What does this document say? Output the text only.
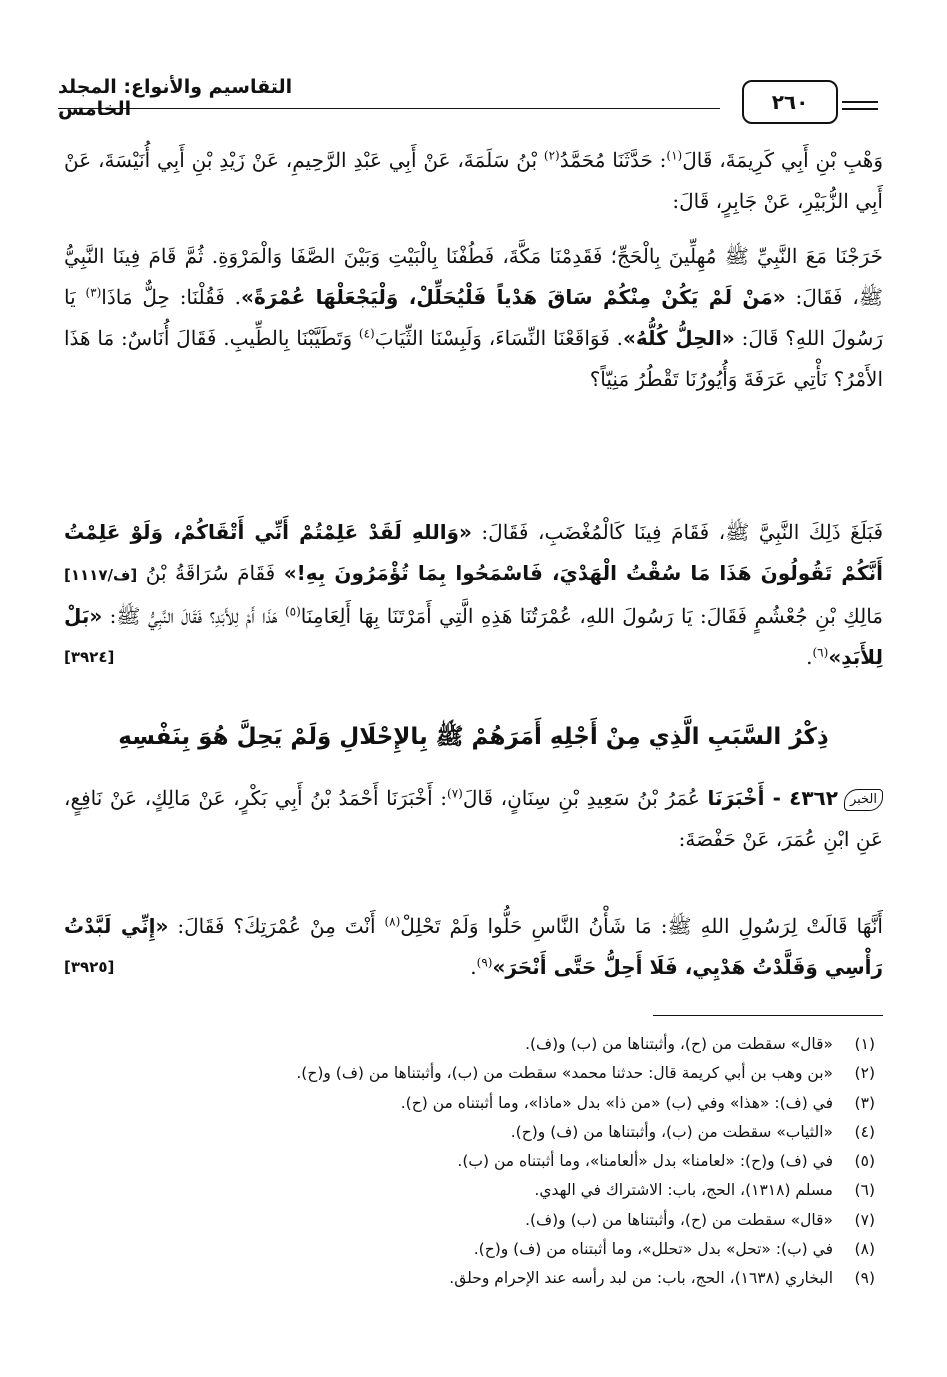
التقاسيم والأنواع: المجلد الخامس	٢٦٠

وَهْبِ بْنِ أَبِي كَرِيمَةَ، قَالَ$^{(١)}$: حَدَّثَنَا مُحَمَّدُ$^{(٢)}$ بْنُ سَلَمَةَ، عَنْ أَبِي عَبْدِ الرَّحِيمِ، عَنْ زَيْدِ بْنِ أَبِي أُنَيْسَةَ، عَنْ أَبِي الزُّبَيْرِ، عَنْ جَابِرٍ، قَالَ:

خَرَجْنَا مَعَ النَّبِيِّ ﷺ مُهِلِّينَ بِالْحَجِّ؛ فَقَدِمْنَا مَكَّةَ، فَطُفْنَا بِالْبَيْتِ وَبَيْنَ الصَّفَا وَالْمَرْوَةِ. ثُمَّ قَامَ فِينَا النَّبِيُّ ﷺ، فَقَالَ: «مَنْ لَمْ يَكُنْ مِنْكُمْ سَاقَ هَدْياً فَلْيُحَلِّلْ، وَلْيَجْعَلْهَا عُمْرَةً». فَقُلْنَا: حِلٌّ مَاذَا$^{(٣)}$ يَا رَسُولَ اللهِ؟ قَالَ: «الحِلُّ كُلُّهُ». فَوَاقَعْنَا النِّسَاءَ، وَلَبِسْنَا الثِّيَابَ$^{(٤)}$ وَتَطَيَّبْنَا بِالطِّيبِ. فَقَالَ أُنَاسٌ: مَا هَذَا الأَمْرُ؟ نَأْتِي عَرَفَةَ وَأُيُورُنَا تَقْطُرُ مَنِيّاً؟

فَبَلَغَ ذَلِكَ النَّبِيَّ ﷺ، فَقَامَ فِينَا كَالْمُغْضَبِ، فَقَالَ: «وَاللهِ لَقَدْ عَلِمْتُمْ أَنِّي أَتْقَاكُمْ، وَلَوْ عَلِمْتُ أَنَّكُمْ تَقُولُونَ هَذَا مَا سُقْتُ الْهَدْيَ، فَاسْمَحُوا بِمَا تُؤْمَرُونَ بِهِ!» فَقَامَ سُرَاقَةُ بْنُ [ف/١١١٧] مَالِكِ بْنِ جُعْشُمٍ فَقَالَ: يَا رَسُولَ اللهِ، عُمْرَتُنَا هَذِهِ الَّتِي أَمَرْتَنَا بِهَا أَلِعَامِنَا$^{(٥)}$ هَذَا أَمْ لِلأَبَدِ؟ فَقَالَ النَّبِيُّ ﷺ: «بَلْ لِلأَبَدِ»$^{(٦)}$.
[٣٩٢٤]

ذِكْرُ السَّبَبِ الَّذِي مِنْ أَجْلِهِ أَمَرَهُمْ ﷺ بِالإِحْلَالِ وَلَمْ يَحِلَّ هُوَ بِنَفْسِهِ

الخبر٤٣٦٢ - أَخْبَرَنَا عُمَرُ بْنُ سَعِيدِ بْنِ سِنَانٍ، قَالَ$^{(٧)}$: أَخْبَرَنَا أَحْمَدُ بْنُ أَبِي بَكْرٍ، عَنْ مَالِكٍ، عَنْ نَافِعٍ، عَنِ ابْنِ عُمَرَ، عَنْ حَفْصَةَ:

أَنَّهَا قَالَتْ لِرَسُولِ اللهِ ﷺ: مَا شَأْنُ النَّاسِ حَلُّوا وَلَمْ تَحْلِلْ$^{(٨)}$ أَنْتَ مِنْ عُمْرَتِكَ؟ فَقَالَ: «إِنِّي لَبَّدْتُ رَأْسِي وَقَلَّدْتُ هَدْيِي، فَلَا أَحِلُّ حَتَّى أَنْحَرَ»$^{(٩)}$.
[٣٩٢٥]

(١)
«قال» سقطت من (ح)، وأثبتناها من (ب) و(ف).
(٢)
«بن وهب بن أبي كريمة قال: حدثنا محمد» سقطت من (ب)، وأثبتناها من (ف) و(ح).
(٣)
في (ف): «هذا» وفي (ب) «من ذا» بدل «ماذا»، وما أثبتناه من (ح).
(٤)
«الثياب» سقطت من (ب)، وأثبتناها من (ف) و(ح).
(٥)
في (ف) و(ح): «لعامنا» بدل «ألعامنا»، وما أثبتناه من (ب).
(٦)
مسلم (١٣١٨)، الحج، باب: الاشتراك في الهدي.
(٧)
«قال» سقطت من (ح)، وأثبتناها من (ب) و(ف).
(٨)
في (ب): «تحل» بدل «تحلل»، وما أثبتناه من (ف) و(ح).
(٩)
البخاري (١٦٣٨)، الحج، باب: من لبد رأسه عند الإحرام وحلق.
